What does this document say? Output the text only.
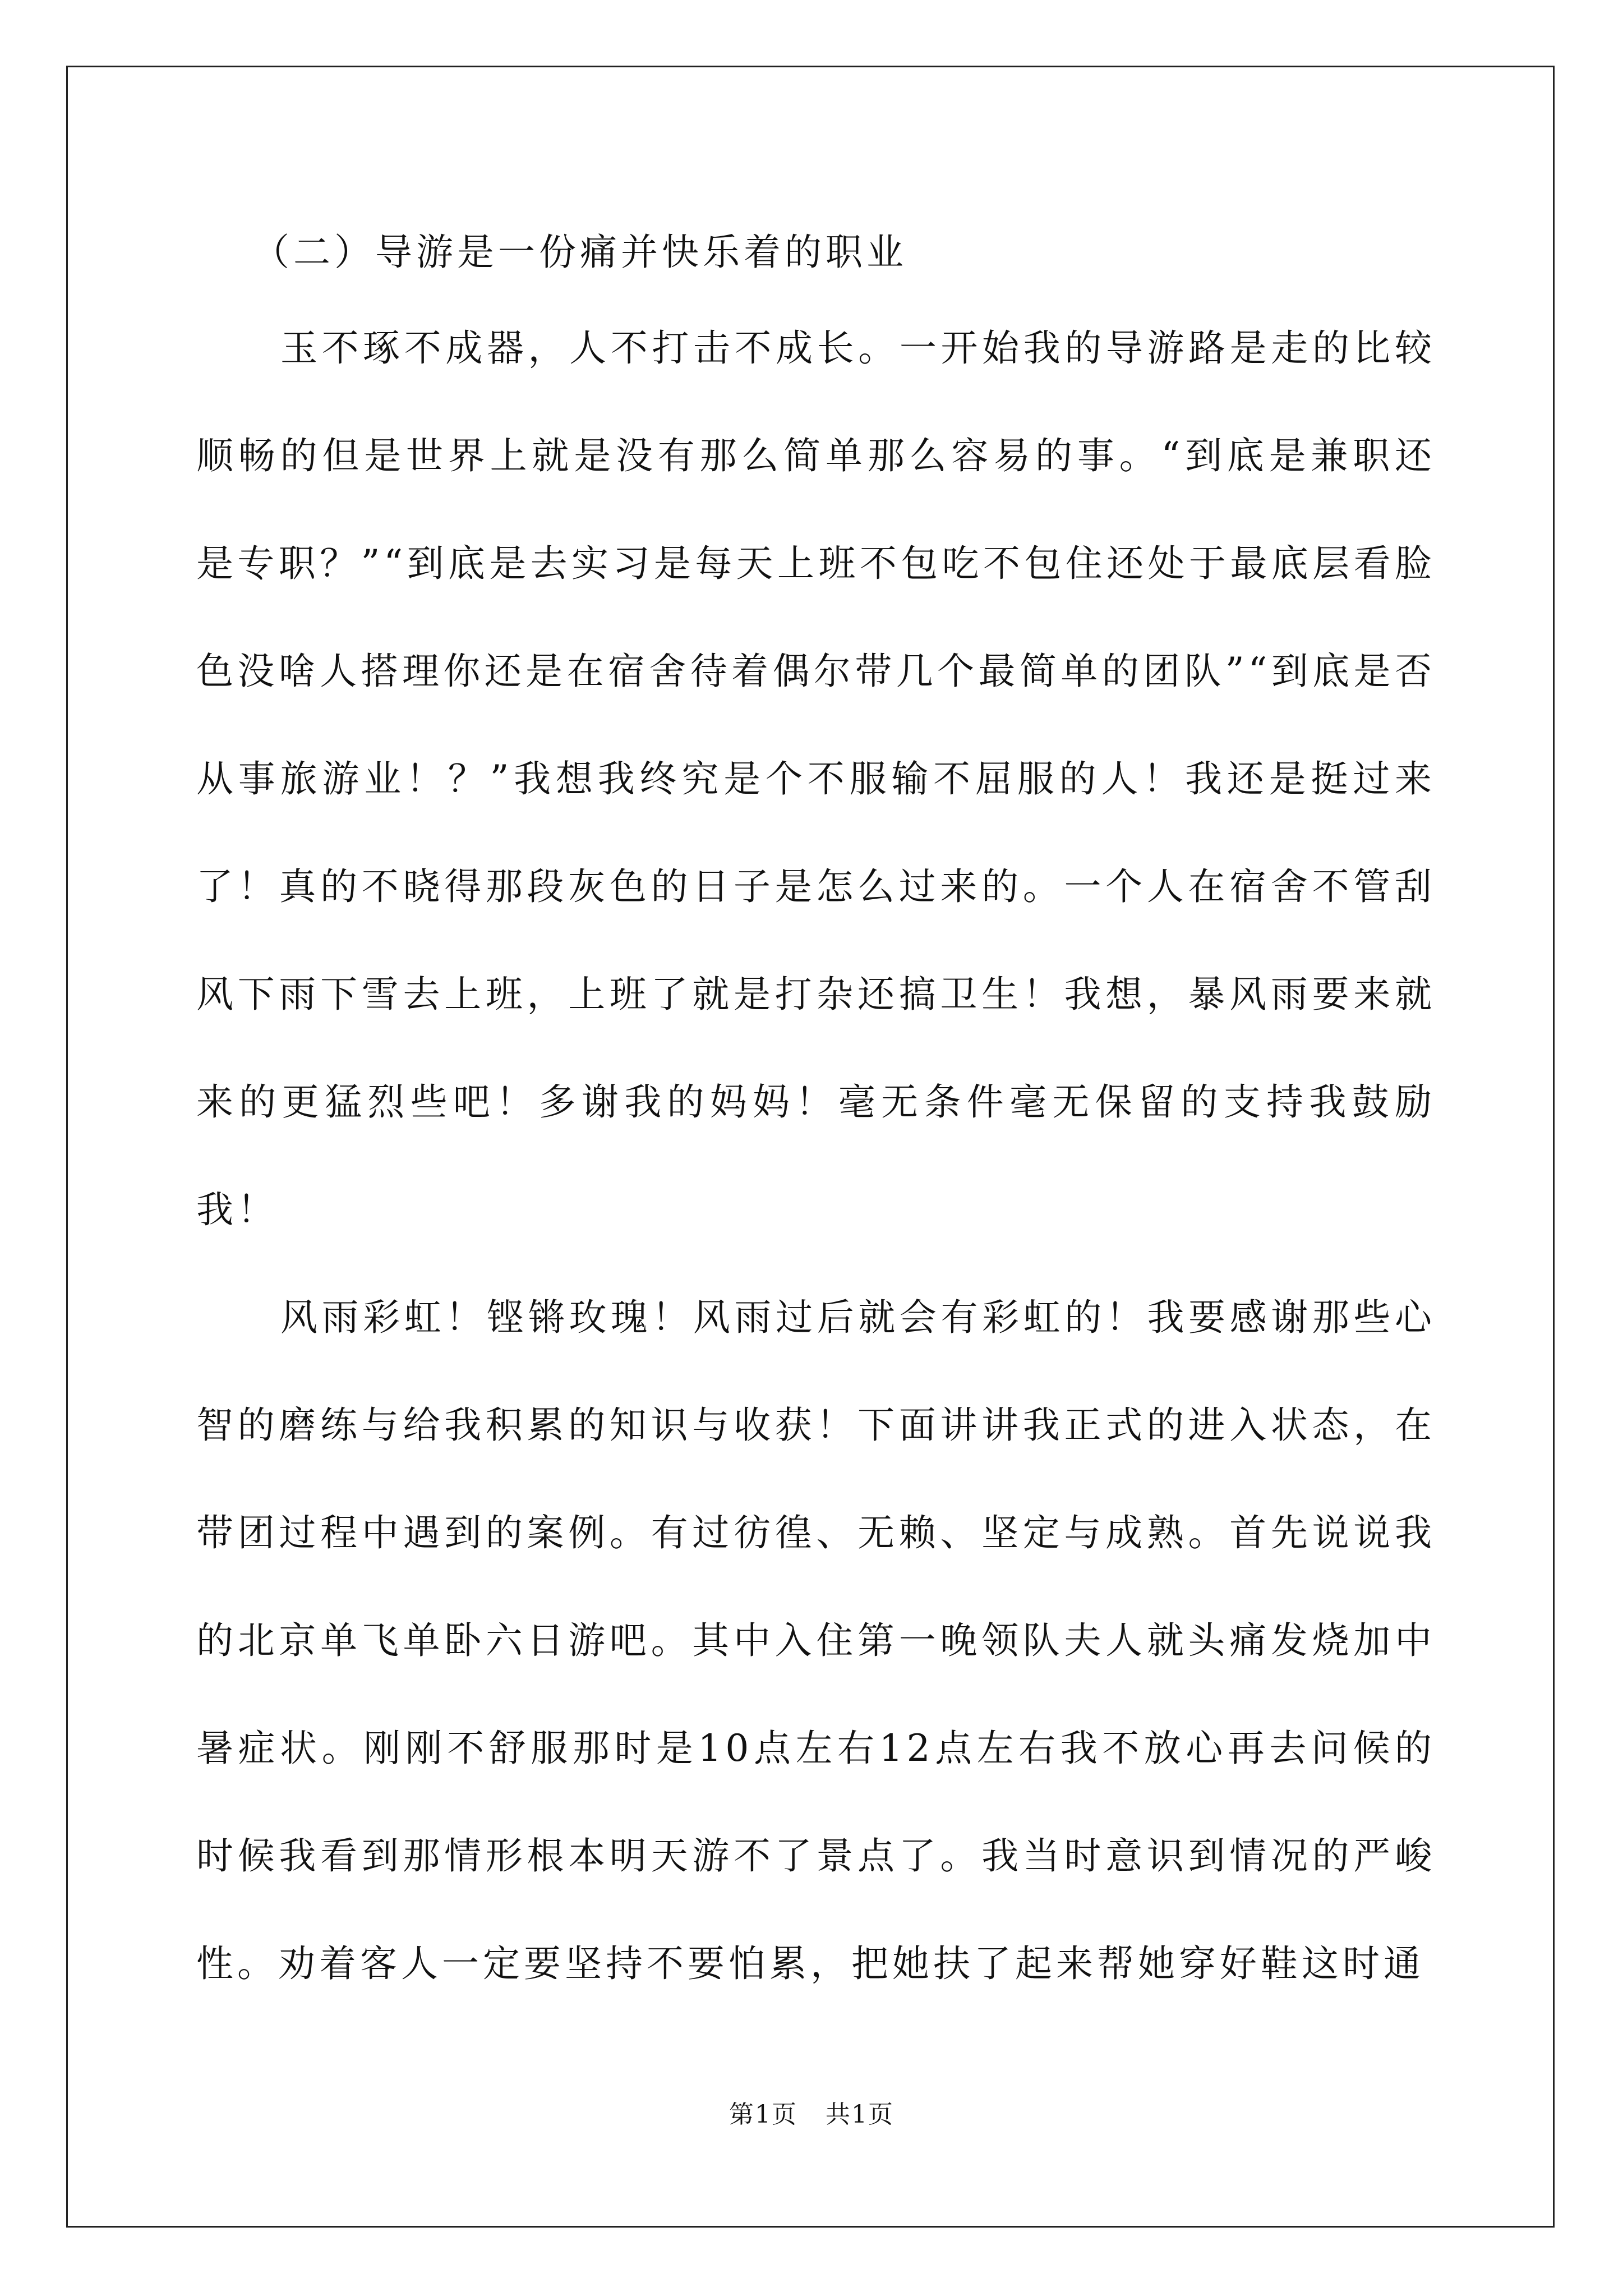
（二）导游是一份痛并快乐着的职业

玉不琢不成器，人不打击不成长。一开始我的导游路是走的比较顺畅的但是世界上就是没有那么简单那么容易的事。“到底是兼职还是专职？”“到底是去实习是每天上班不包吃不包住还处于最底层看脸色没啥人搭理你还是在宿舍待着偶尔带几个最简单的团队”“到底是否从事旅游业！？”我想我终究是个不服输不屈服的人！我还是挺过来了！真的不晓得那段灰色的日子是怎么过来的。一个人在宿舍不管刮风下雨下雪去上班，上班了就是打杂还搞卫生！我想，暴风雨要来就来的更猛烈些吧！多谢我的妈妈！毫无条件毫无保留的支持我鼓励我！

风雨彩虹！铿锵玫瑰！风雨过后就会有彩虹的！我要感谢那些心智的磨练与给我积累的知识与收获！下面讲讲我正式的进入状态，在带团过程中遇到的案例。有过彷徨、无赖、坚定与成熟。首先说说我的北京单飞单卧六日游吧。其中入住第一晚领队夫人就头痛发烧加中暑症状。刚刚不舒服那时是10点左右12点左右我不放心再去问候的时候我看到那情形根本明天游不了景点了。我当时意识到情况的严峻性。劝着客人一定要坚持不要怕累，把她扶了起来帮她穿好鞋这时通

第1页 共1页
